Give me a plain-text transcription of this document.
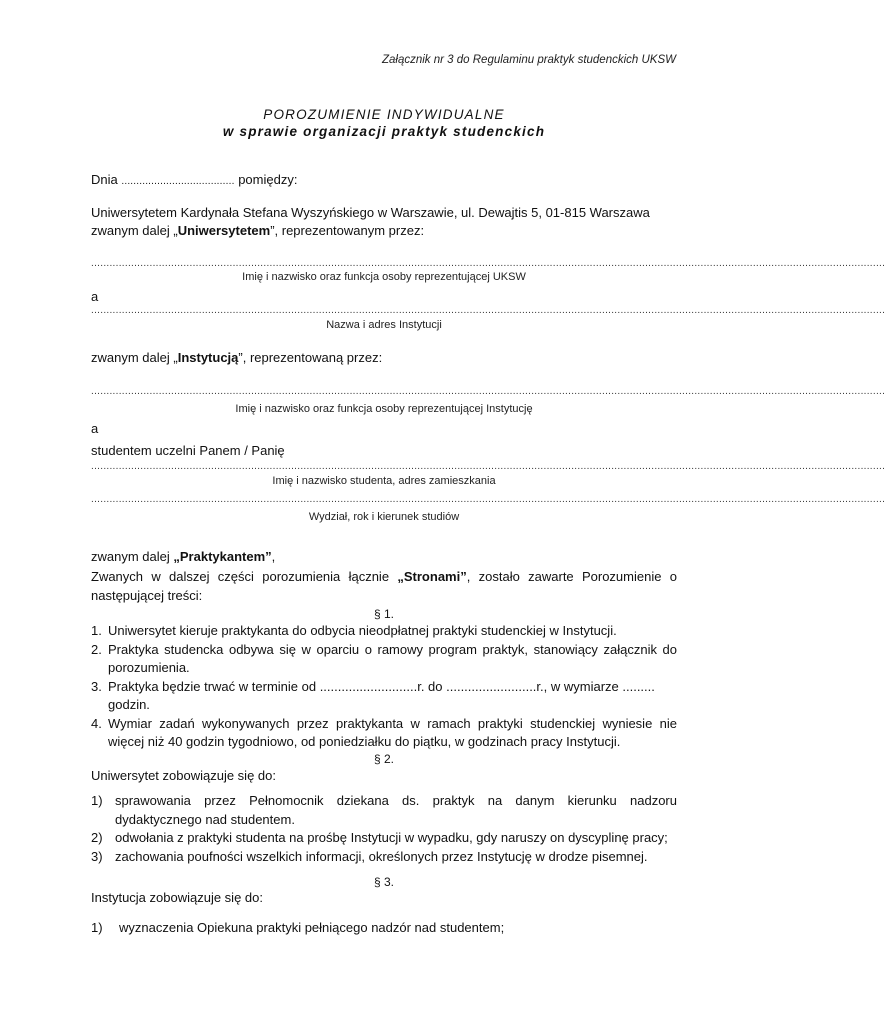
Załącznik nr 3 do Regulaminu praktyk studenckich UKSW
POROZUMIENIE INDYWIDUALNE
w sprawie organizacji praktyk studenckich
Dnia ...................................... pomiędzy:
Uniwersytetem Kardynała Stefana Wyszyńskiego w Warszawie, ul. Dewajtis 5, 01-815 Warszawa
zwanym dalej „Uniwersytetem”, reprezentowanym przez:
..................................................................................................................................................................................................................................................................
Imię i nazwisko oraz funkcja osoby reprezentującej UKSW
a
..................................................................................................................................................................................................................................................................
Nazwa i adres Instytucji
zwanym dalej „Instytucją”, reprezentowaną przez:
..................................................................................................................................................................................................................................................................
Imię i nazwisko oraz funkcja osoby reprezentującej Instytucję
a
studentem uczelni Panem / Panię
..................................................................................................................................................................................................................................................................
Imię i nazwisko studenta, adres zamieszkania
..................................................................................................................................................................................................................................................................
Wydział, rok i kierunek studiów
zwanym dalej „Praktykantem”,
Zwanych w dalszej części porozumienia łącznie „Stronami”, zostało zawarte Porozumienie o następującej treści:
§ 1.
1. Uniwersytet kieruje praktykanta do odbycia nieodpłatnej praktyki studenckiej w Instytucji.
2. Praktyka studencka odbywa się w oparciu o ramowy program praktyk, stanowiący załącznik do porozumienia.
3. Praktyka będzie trwać w terminie od ...........................r. do .........................r., w wymiarze ......... godzin.
4. Wymiar zadań wykonywanych przez praktykanta w ramach praktyki studenckiej wyniesie nie więcej niż 40 godzin tygodniowo, od poniedziałku do piątku, w godzinach pracy Instytucji.
§ 2.
Uniwersytet zobowiązuje się do:
1) sprawowania przez Pełnomocnik dziekana ds. praktyk na danym kierunku nadzoru dydaktycznego nad studentem.
2) odwołania z praktyki studenta na prośbę Instytucji w wypadku, gdy naruszy on dyscyplinę pracy;
3) zachowania poufności wszelkich informacji, określonych przez Instytucję w drodze pisemnej.
§ 3.
Instytucja zobowiązuje się do:
1) wyznaczenia Opiekuna praktyki pełniącego nadzór nad studentem;
